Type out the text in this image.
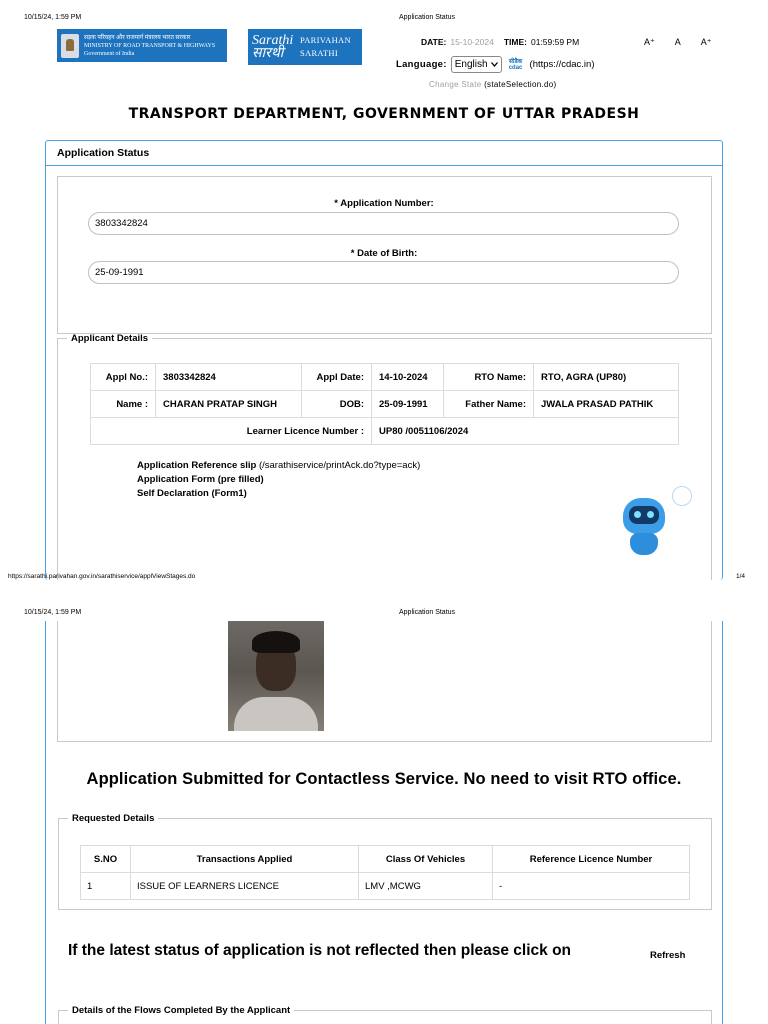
10/15/24, 1:59 PM	Application Status
सड़क परिवहन और राजमार्ग मंत्रालय भारत सरकार
MINISTRY OF ROAD TRANSPORT & HIGHWAYS
Government of India
Sarathi सारथी
PARIVAHAN
SARATHI
DATE: 15-10-2024 TIME: 01:59:59 PM	A⁺ A A⁺
Language: English	सीडैक cdac (https://cdac.in)
Change State (stateSelection.do)
TRANSPORT DEPARTMENT, GOVERNMENT OF UTTAR PRADESH
Application Status
* Application Number:
3803342824
* Date of Birth:
25-09-1991
Applicant Details
Appl No.:	3803342824	Appl Date:	14-10-2024	RTO Name:	RTO, AGRA (UP80)
Name :	CHARAN PRATAP SINGH	DOB:	25-09-1991	Father Name:	JWALA PRASAD PATHIK
Learner Licence Number :			UP80 /0051106/2024		
Application Reference slip (/sarathiservice/printAck.do?type=ack)
Application Form (pre filled)
Self Declaration (Form1)
https://sarathi.parivahan.gov.in/sarathiservice/applViewStages.do	1/4
10/15/24, 1:59 PM	Application Status
Application Submitted for Contactless Service. No need to visit RTO office.
Requested Details
S.NO	Transactions Applied	Class Of Vehicles	Reference Licence Number
1	ISSUE OF LEARNERS LICENCE	LMV ,MCWG	-
If the latest status of application is not reflected then please click on	Refresh
Details of the Flows Completed By the Applicant
